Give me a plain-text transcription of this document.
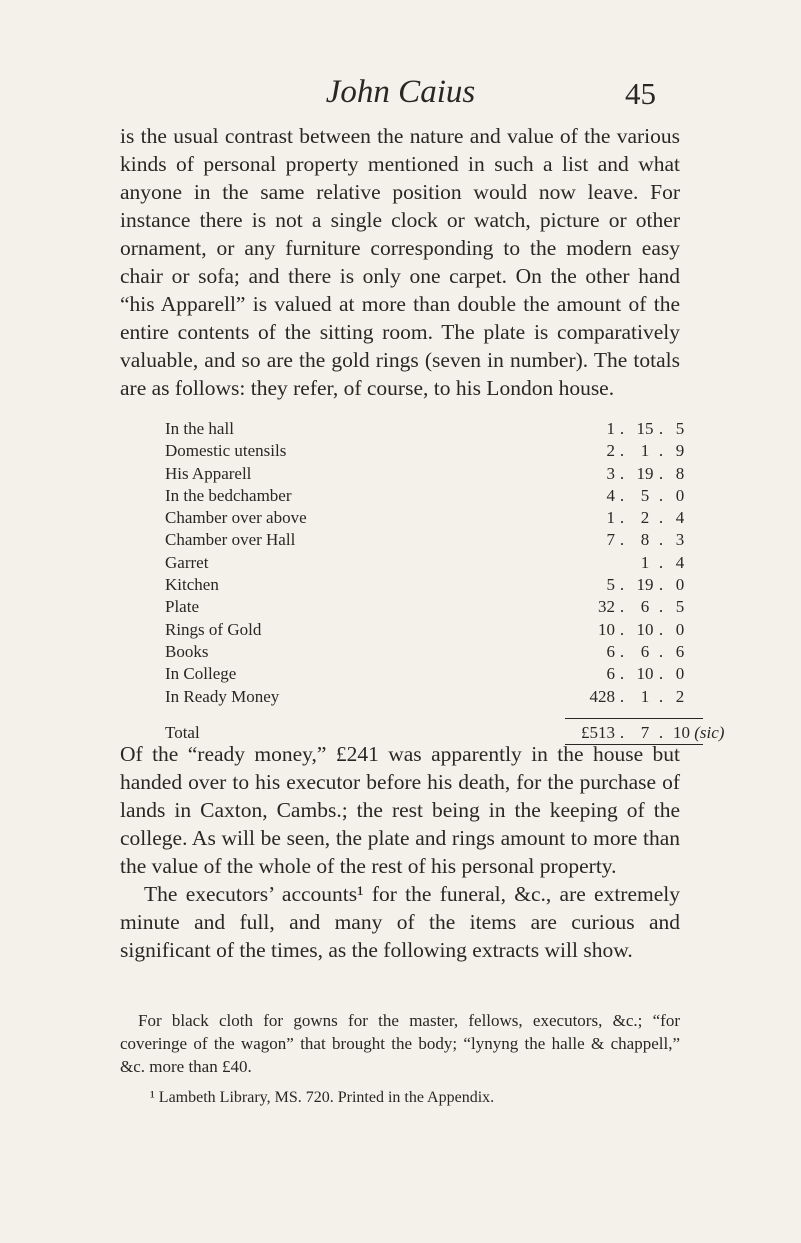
John Caius	45

is the usual contrast between the nature and value of the various kinds of personal property mentioned in such a list and what anyone in the same relative position would now leave. For instance there is not a single clock or watch, picture or other ornament, or any furniture corresponding to the modern easy chair or sofa; and there is only one carpet. On the other hand “his Apparell” is valued at more than double the amount of the entire contents of the sitting room. The plate is comparatively valuable, and so are the gold rings (seven in number). The totals are as follows: they refer, of course, to his London house.

In the hall	1 . 15 . 5
Domestic utensils	2 . 1 . 9
His Apparell	3 . 19 . 8
In the bedchamber	4 . 5 . 0
Chamber over above	1 . 2 . 4
Chamber over Hall	7 . 8 . 3
Garret	1 . 4
Kitchen	5 . 19 . 0
Plate	32 . 6 . 5
Rings of Gold	10 . 10 . 0
Books	6 . 6 . 6
In College	6 . 10 . 0
In Ready Money	428 . 1 . 2
Total	£513 . 7 . 10 (sic)

Of the “ready money,” £241 was apparently in the house but handed over to his executor before his death, for the purchase of lands in Caxton, Cambs.; the rest being in the keeping of the college. As will be seen, the plate and rings amount to more than the value of the whole of the rest of his personal property.

The executors’ accounts¹ for the funeral, &c., are extremely minute and full, and many of the items are curious and significant of the times, as the following extracts will show.

For black cloth for gowns for the master, fellows, executors, &c.; “for coveringe of the wagon” that brought the body; “lynyng the halle & chappell,” &c. more than £40.
¹ Lambeth Library, MS. 720. Printed in the Appendix.
